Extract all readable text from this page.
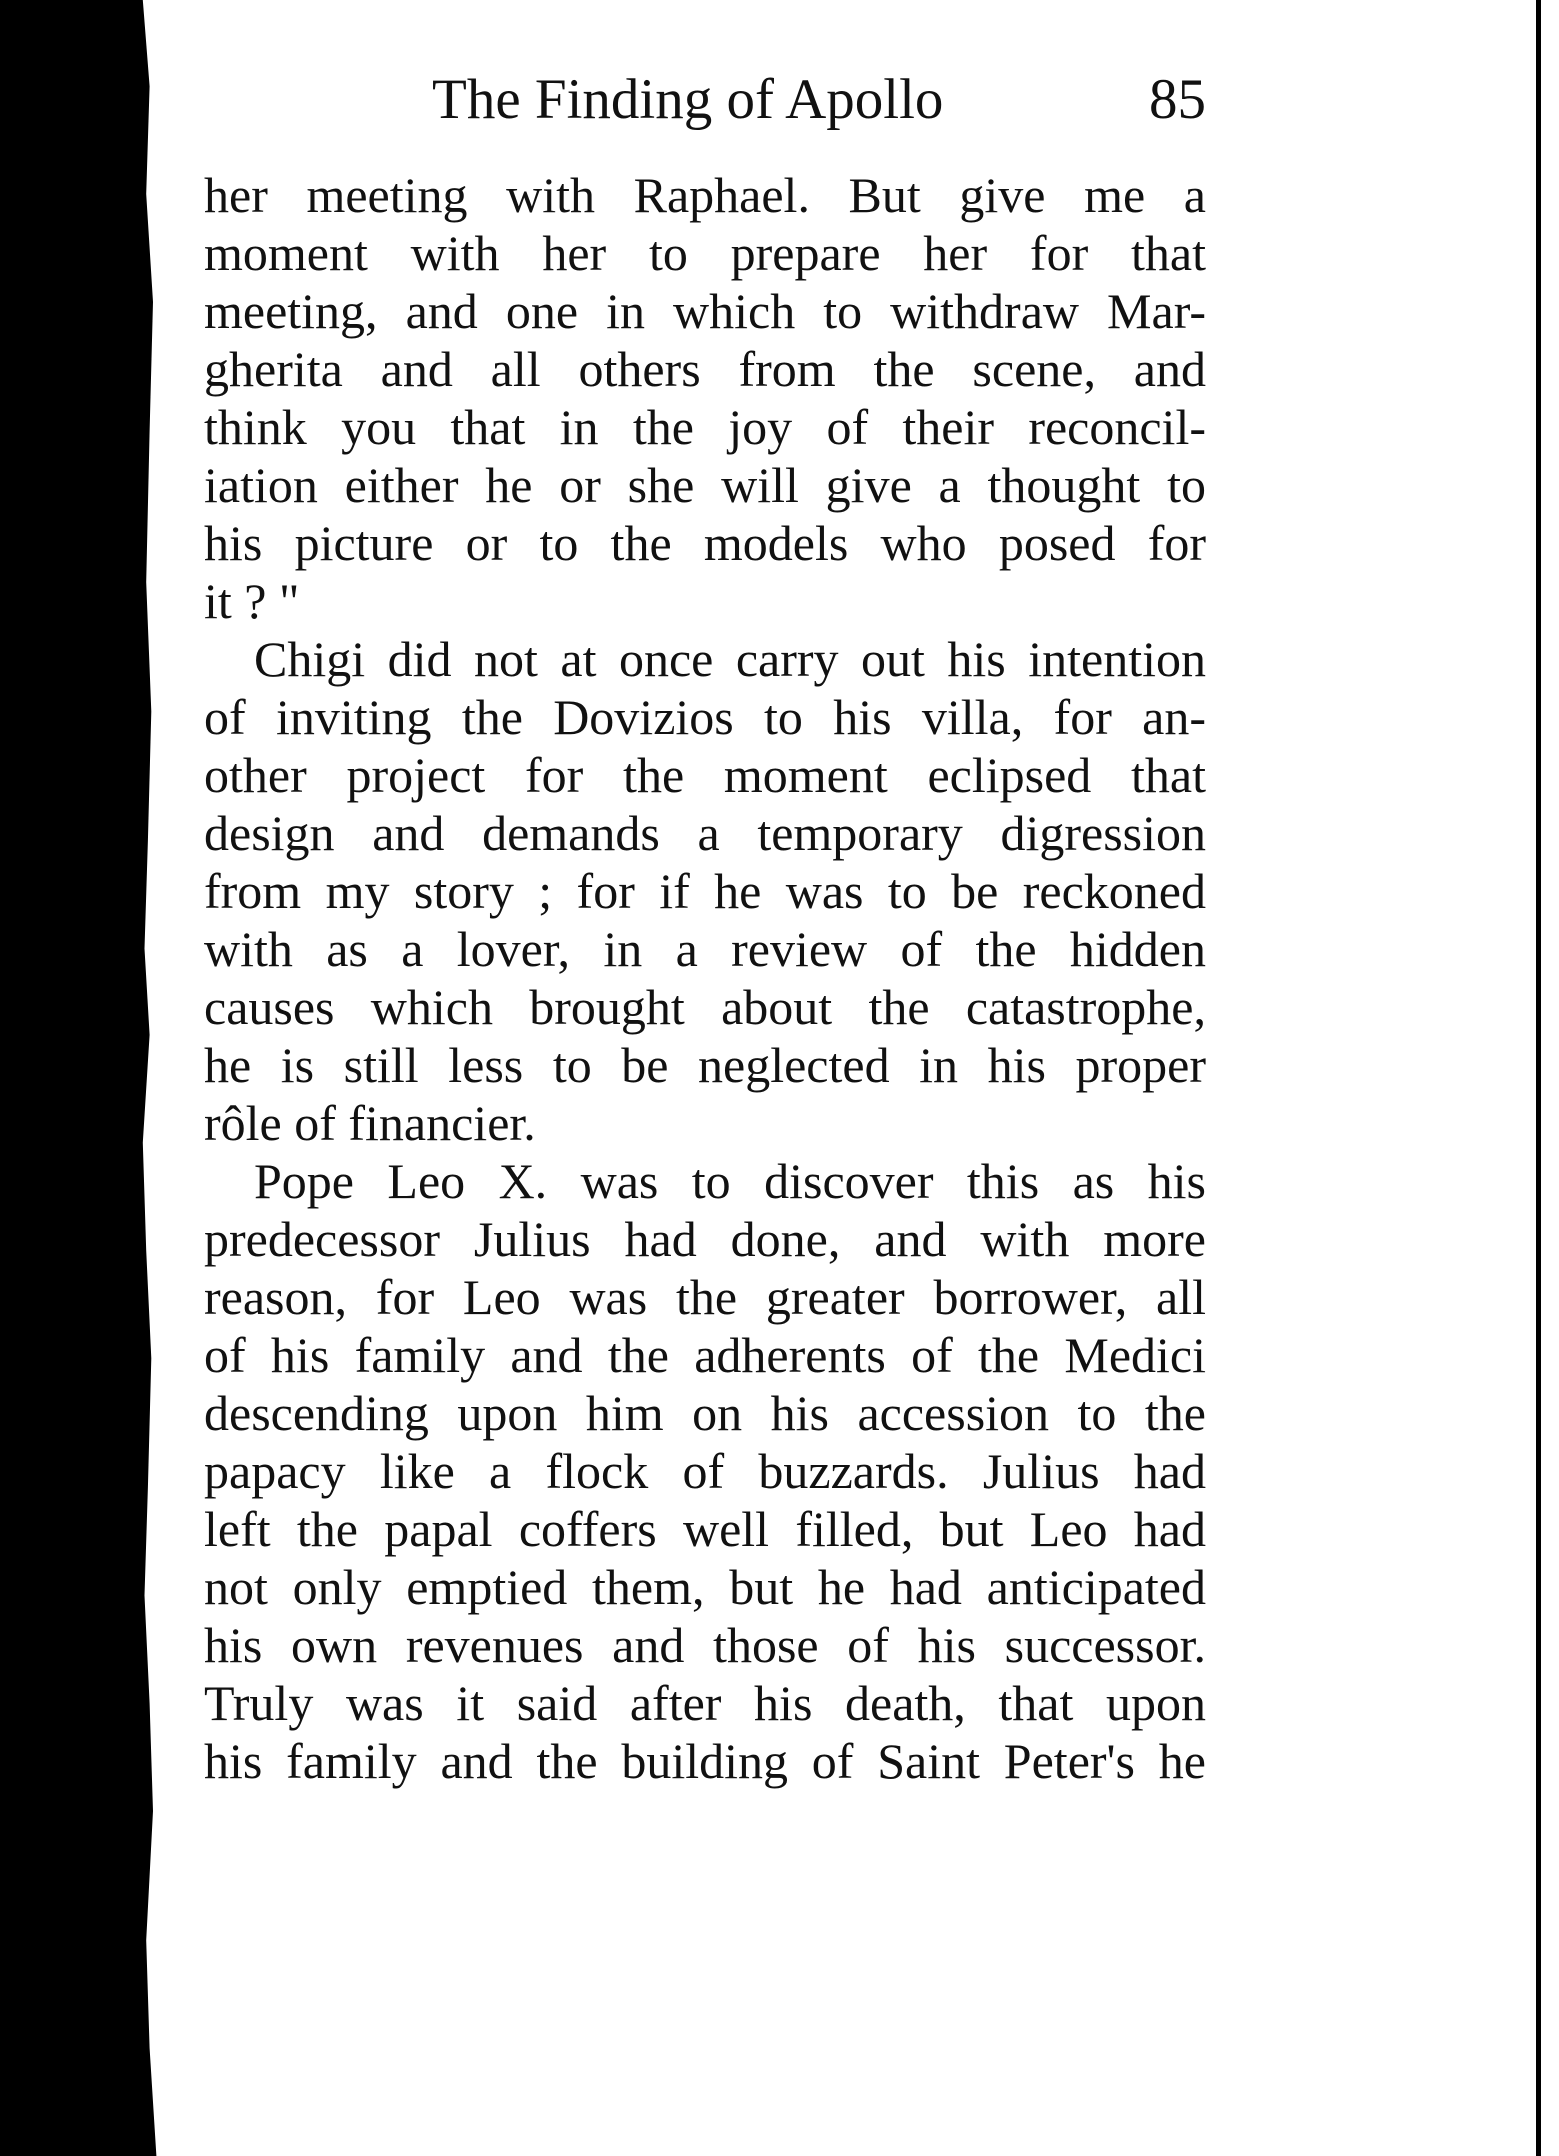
The Finding of Apollo	85
her meeting with Raphael. But give me a
moment with her to prepare her for that
meeting, and one in which to withdraw Mar-
gherita and all others from the scene, and
think you that in the joy of their reconcil-
iation either he or she will give a thought to
his picture or to the models who posed for
it ? "
Chigi did not at once carry out his intention
of inviting the Dovizios to his villa, for an-
other project for the moment eclipsed that
design and demands a temporary digression
from my story ; for if he was to be reckoned
with as a lover, in a review of the hidden
causes which brought about the catastrophe,
he is still less to be neglected in his proper
rôle of financier.
Pope Leo X. was to discover this as his
predecessor Julius had done, and with more
reason, for Leo was the greater borrower, all
of his family and the adherents of the Medici
descending upon him on his accession to the
papacy like a flock of buzzards. Julius had
left the papal coffers well filled, but Leo had
not only emptied them, but he had anticipated
his own revenues and those of his successor.
Truly was it said after his death, that upon
his family and the building of Saint Peter's he
